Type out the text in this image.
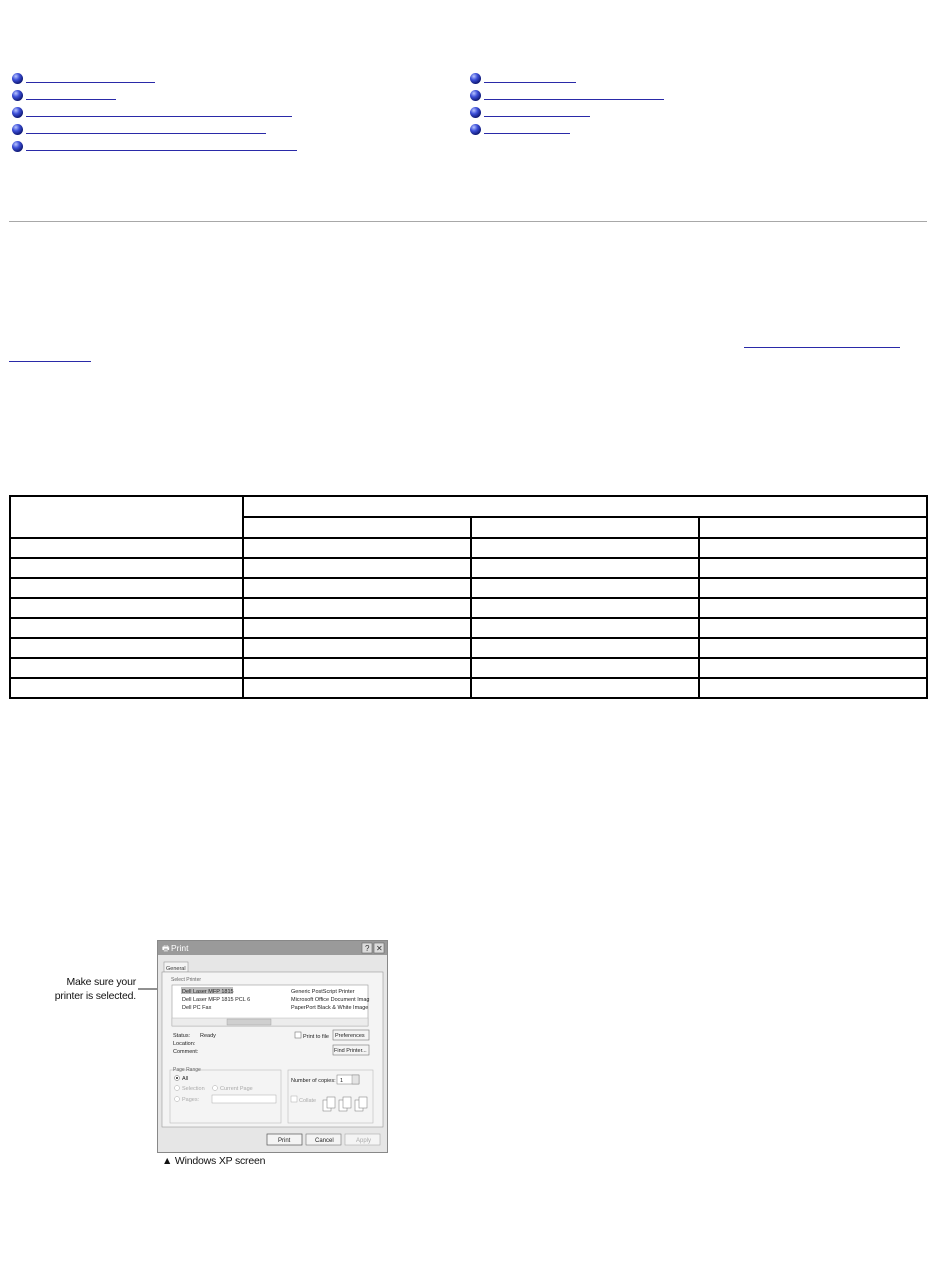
Make sure your
printer is selected.
🖶 Print	? ✕
General
Select Printer
Dell Laser MFP 1815
Dell Laser MFP 1815 PCL 6
Dell PC Fax
Generic PostScript Printer
Microsoft Office Document Imag
PaperPort Black & White Image
Status: Ready
Location:
Comment:
Print to file Preferences
Find Printer...
Page Range
All
Selection	Current Page
Pages:
Number of copies: 1
Collate
Print	Cancel	Apply
▲ Windows XP screen
